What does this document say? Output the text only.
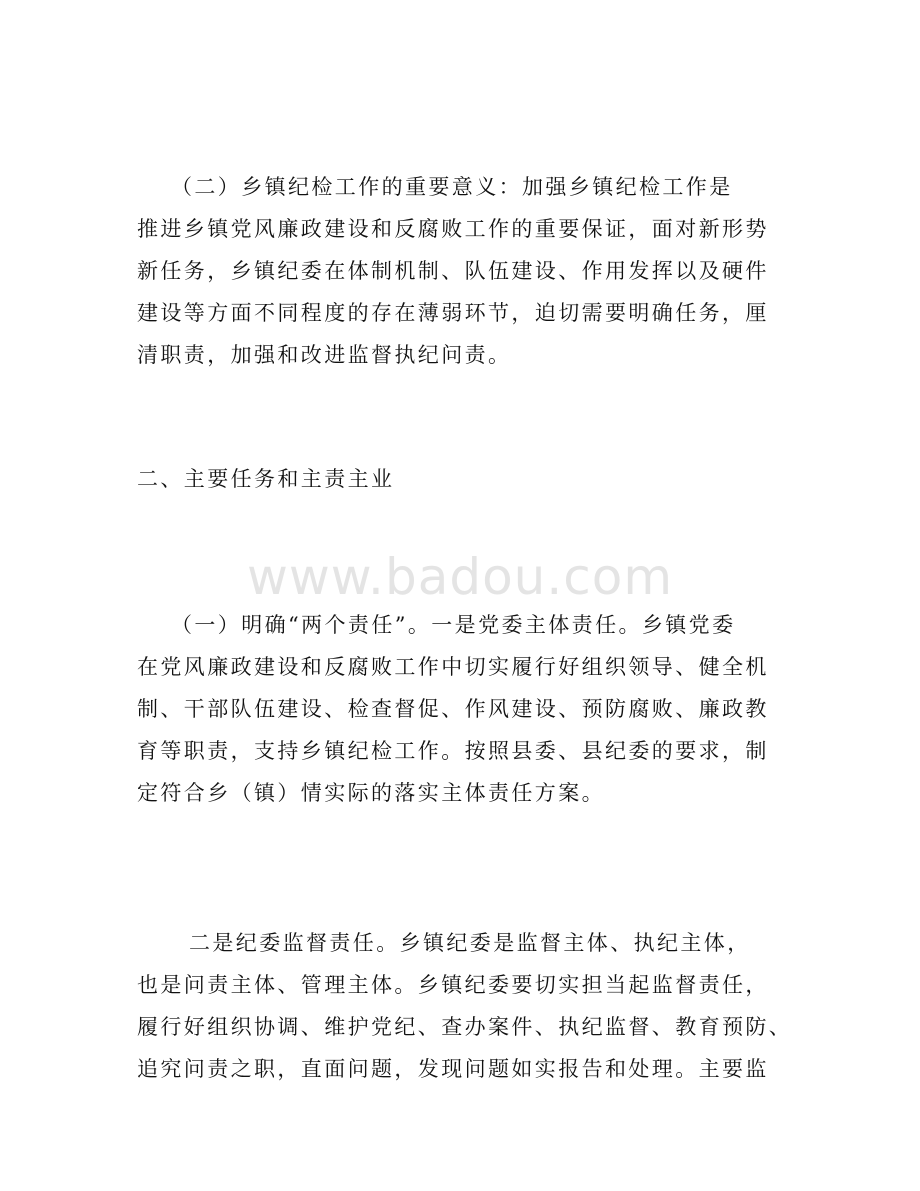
www.badou.com
（二）乡镇纪检工作的重要意义：加强乡镇纪检工作是
推进乡镇党风廉政建设和反腐败工作的重要保证，面对新形势
新任务，乡镇纪委在体制机制、队伍建设、作用发挥以及硬件
建设等方面不同程度的存在薄弱环节，迫切需要明确任务，厘
清职责，加强和改进监督执纪问责。
二、主要任务和主责主业
（一）明确“两个责任”。一是党委主体责任。乡镇党委
在党风廉政建设和反腐败工作中切实履行好组织领导、健全机
制、干部队伍建设、检查督促、作风建设、预防腐败、廉政教
育等职责，支持乡镇纪检工作。按照县委、县纪委的要求，制
定符合乡（镇）情实际的落实主体责任方案。
二是纪委监督责任。乡镇纪委是监督主体、执纪主体，
也是问责主体、管理主体。乡镇纪委要切实担当起监督责任，
履行好组织协调、维护党纪、查办案件、执纪监督、教育预防、
追究问责之职，直面问题，发现问题如实报告和处理。主要监
